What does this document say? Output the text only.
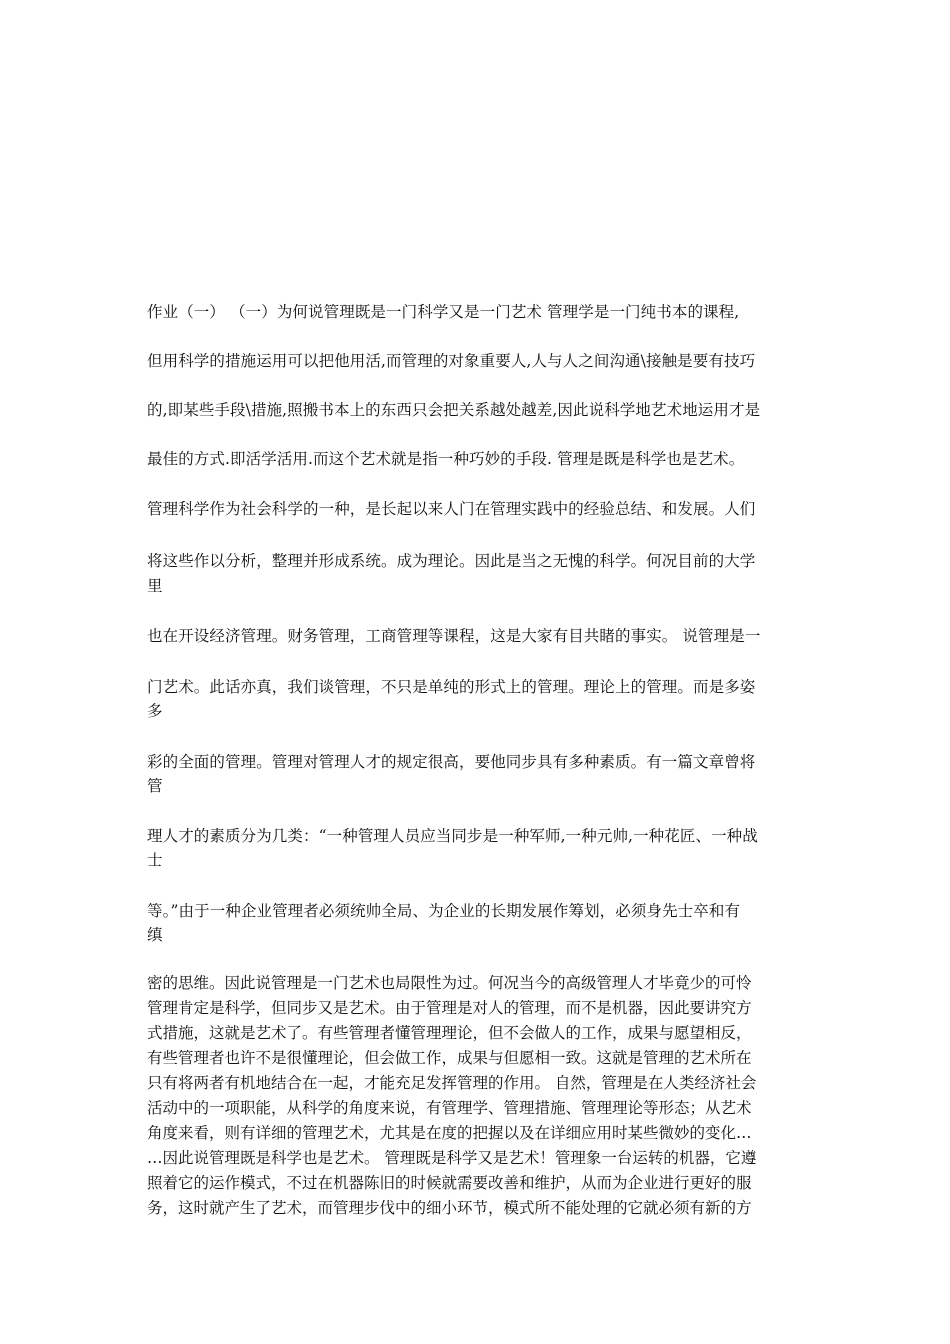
作业（一） （一）为何说管理既是一门科学又是一门艺术 管理学是一门纯书本的课程,
但用科学的措施运用可以把他用活,而管理的对象重要人,人与人之间沟通\接触是要有技巧
的,即某些手段\措施,照搬书本上的东西只会把关系越处越差,因此说科学地艺术地运用才是
最佳的方式.即活学活用.而这个艺术就是指一种巧妙的手段. 管理是既是科学也是艺术。
管理科学作为社会科学的一种，是长起以来人门在管理实践中的经验总结、和发展。人们
将这些作以分析，整理并形成系统。成为理论。因此是当之无愧的科学。何况目前的大学
里
也在开设经济管理。财务管理，工商管理等课程，这是大家有目共睹的事实。 说管理是一
门艺术。此话亦真，我们谈管理，不只是单纯的形式上的管理。理论上的管理。而是多姿
多
彩的全面的管理。管理对管理人才的规定很高，要他同步具有多种素质。有一篇文章曾将
管
理人才的素质分为几类：“一种管理人员应当同步是一种军师,一种元帅,一种花匠、一种战
士
等。”由于一种企业管理者必须统帅全局、为企业的长期发展作筹划，必须身先士卒和有
缜
密的思维。因此说管理是一门艺术也局限性为过。何况当今的高级管理人才毕竟少的可怜
管理肯定是科学，但同步又是艺术。由于管理是对人的管理，而不是机器，因此要讲究方
式措施，这就是艺术了。有些管理者懂管理理论，但不会做人的工作，成果与愿望相反，
有些管理者也许不是很懂理论，但会做工作，成果与但愿相一致。这就是管理的艺术所在
只有将两者有机地结合在一起，才能充足发挥管理的作用。 自然，管理是在人类经济社会
活动中的一项职能，从科学的角度来说，有管理学、管理措施、管理理论等形态；从艺术
角度来看，则有详细的管理艺术，尤其是在度的把握以及在详细应用时某些微妙的变化…
…因此说管理既是科学也是艺术。 管理既是科学又是艺术！管理象一台运转的机器，它遵
照着它的运作模式，不过在机器陈旧的时候就需要改善和维护，从而为企业进行更好的服
务，这时就产生了艺术，而管理步伐中的细小环节，模式所不能处理的它就必须有新的方
